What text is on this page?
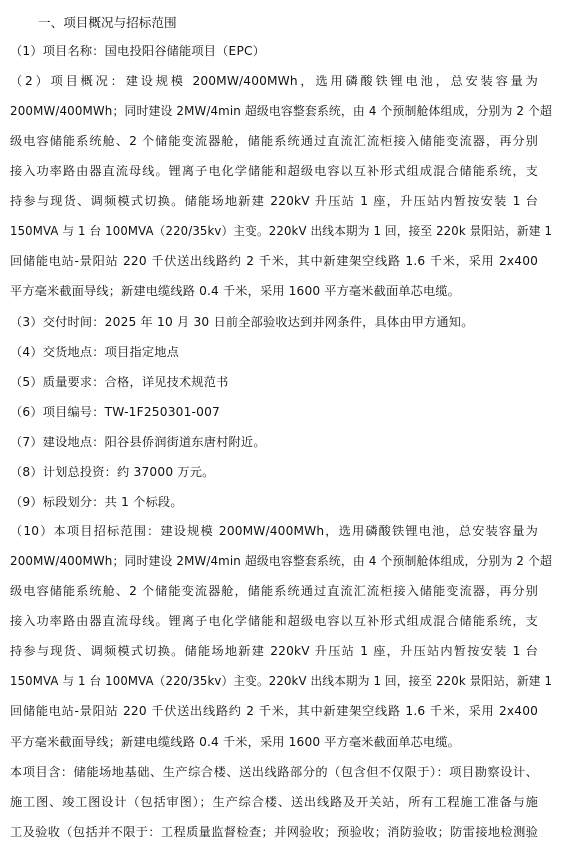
一、项目概况与招标范围
（1）项目名称：国电投阳谷储能项目（EPC）
（2）项目概况：建设规模 200MW/400MWh，选用磷酸铁锂电池，总安装容量为
200MW/400MWh；同时建设 2MW/4min 超级电容整套系统，由 4 个预制舱体组成，分别为 2 个超
级电容储能系统舱、2 个储能变流器舱，储能系统通过直流汇流柜接入储能变流器，再分别
接入功率路由器直流母线。锂离子电化学储能和超级电容以互补形式组成混合储能系统，支
持参与现货、调频模式切换。储能场地新建 220kV 升压站 1 座，升压站内暂按安装 1 台
150MVA 与 1 台 100MVA（220/35kv）主变。220kV 出线本期为 1 回，接至 220k 景阳站，新建 1
回储能电站-景阳站 220 千伏送出线路约 2 千米，其中新建架空线路 1.6 千米，采用 2x400
平方毫米截面导线；新建电缆线路 0.4 千米，采用 1600 平方毫米截面单芯电缆。
（3）交付时间：2025 年 10 月 30 日前全部验收达到并网条件，具体由甲方通知。
（4）交货地点：项目指定地点
（5）质量要求：合格，详见技术规范书
（6）项目编号：TW-1F250301-007
（7）建设地点：阳谷县侨润街道东唐村附近。
（8）计划总投资：约 37000 万元。
（9）标段划分：共 1 个标段。
（10）本项目招标范围：建设规模 200MW/400MWh，选用磷酸铁锂电池，总安装容量为
200MW/400MWh；同时建设 2MW/4min 超级电容整套系统，由 4 个预制舱体组成，分别为 2 个超
级电容储能系统舱、2 个储能变流器舱，储能系统通过直流汇流柜接入储能变流器，再分别
接入功率路由器直流母线。锂离子电化学储能和超级电容以互补形式组成混合储能系统，支
持参与现货、调频模式切换。储能场地新建 220kV 升压站 1 座，升压站内暂按安装 1 台
150MVA 与 1 台 100MVA（220/35kv）主变。220kV 出线本期为 1 回，接至 220k 景阳站，新建 1
回储能电站-景阳站 220 千伏送出线路约 2 千米，其中新建架空线路 1.6 千米，采用 2x400
平方毫米截面导线；新建电缆线路 0.4 千米，采用 1600 平方毫米截面单芯电缆。
本项目含：储能场地基础、生产综合楼、送出线路部分的（包含但不仅限于）：项目勘察设计、
施工图、竣工图设计（包括审图）；生产综合楼、送出线路及开关站，所有工程施工准备与施
工及验收（包括并不限于：工程质量监督检查；并网验收；预验收；消防验收；防雷接地检测验
